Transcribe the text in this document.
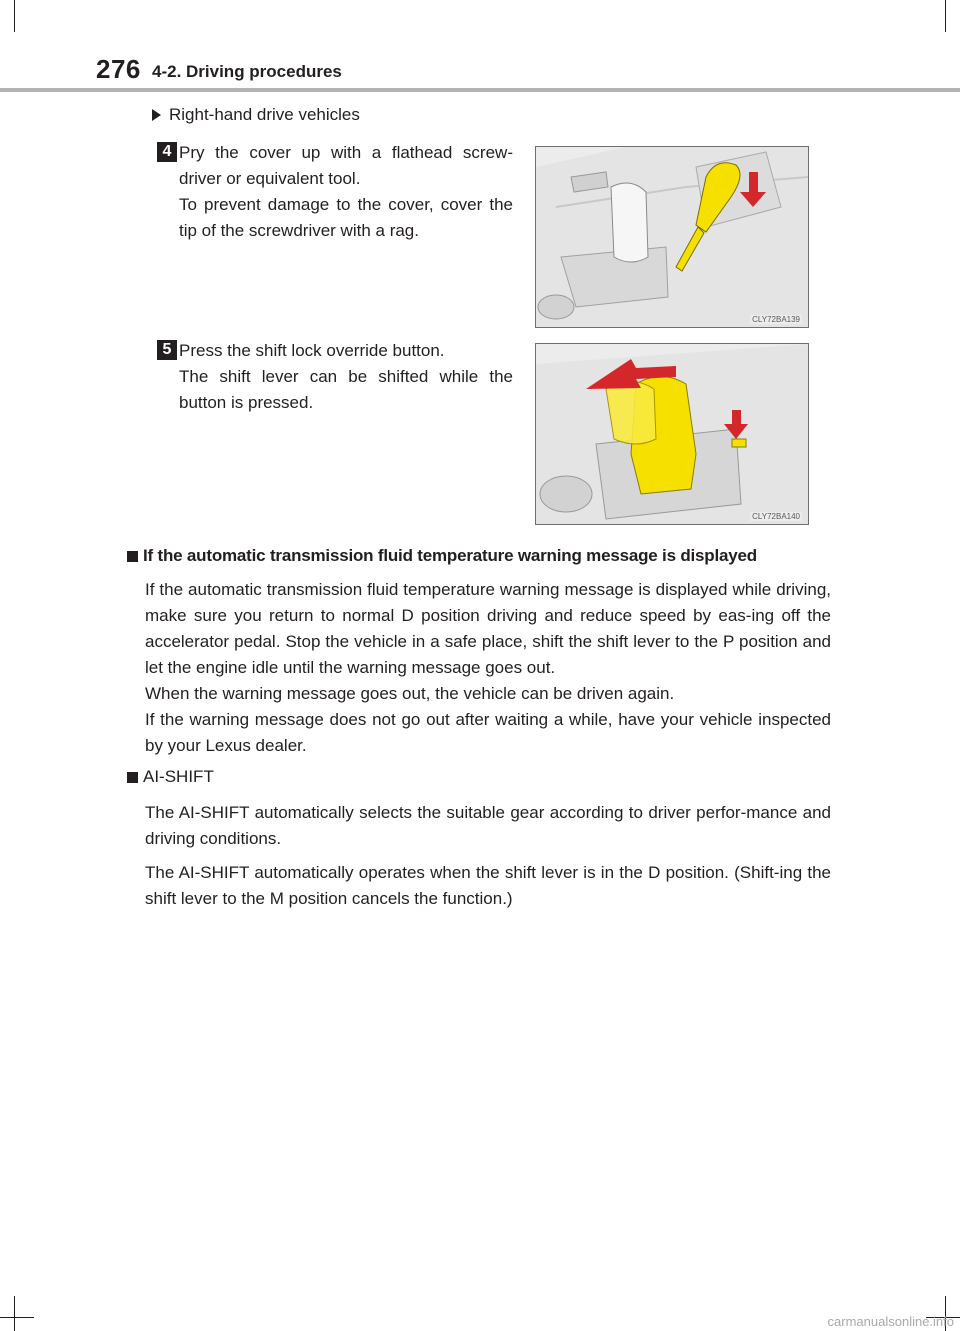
276 4-2. Driving procedures
Right-hand drive vehicles
4 Pry the cover up with a flathead screw-driver or equivalent tool.

To prevent damage to the cover, cover the tip of the screwdriver with a rag.

CLY72BA139
5 Press the shift lock override button.

The shift lever can be shifted while the button is pressed.

CLY72BA140
If the automatic transmission fluid temperature warning message is displayed

If the automatic transmission fluid temperature warning message is displayed while driving, make sure you return to normal D position driving and reduce speed by eas-ing off the accelerator pedal. Stop the vehicle in a safe place, shift the shift lever to the P position and let the engine idle until the warning message goes out.

When the warning message goes out, the vehicle can be driven again.

If the warning message does not go out after waiting a while, have your vehicle inspected by your Lexus dealer.

AI-SHIFT

The AI-SHIFT automatically selects the suitable gear according to driver perfor-mance and driving conditions.

The AI-SHIFT automatically operates when the shift lever is in the D position. (Shift-ing the shift lever to the M position cancels the function.)

carmanualsonline.info
